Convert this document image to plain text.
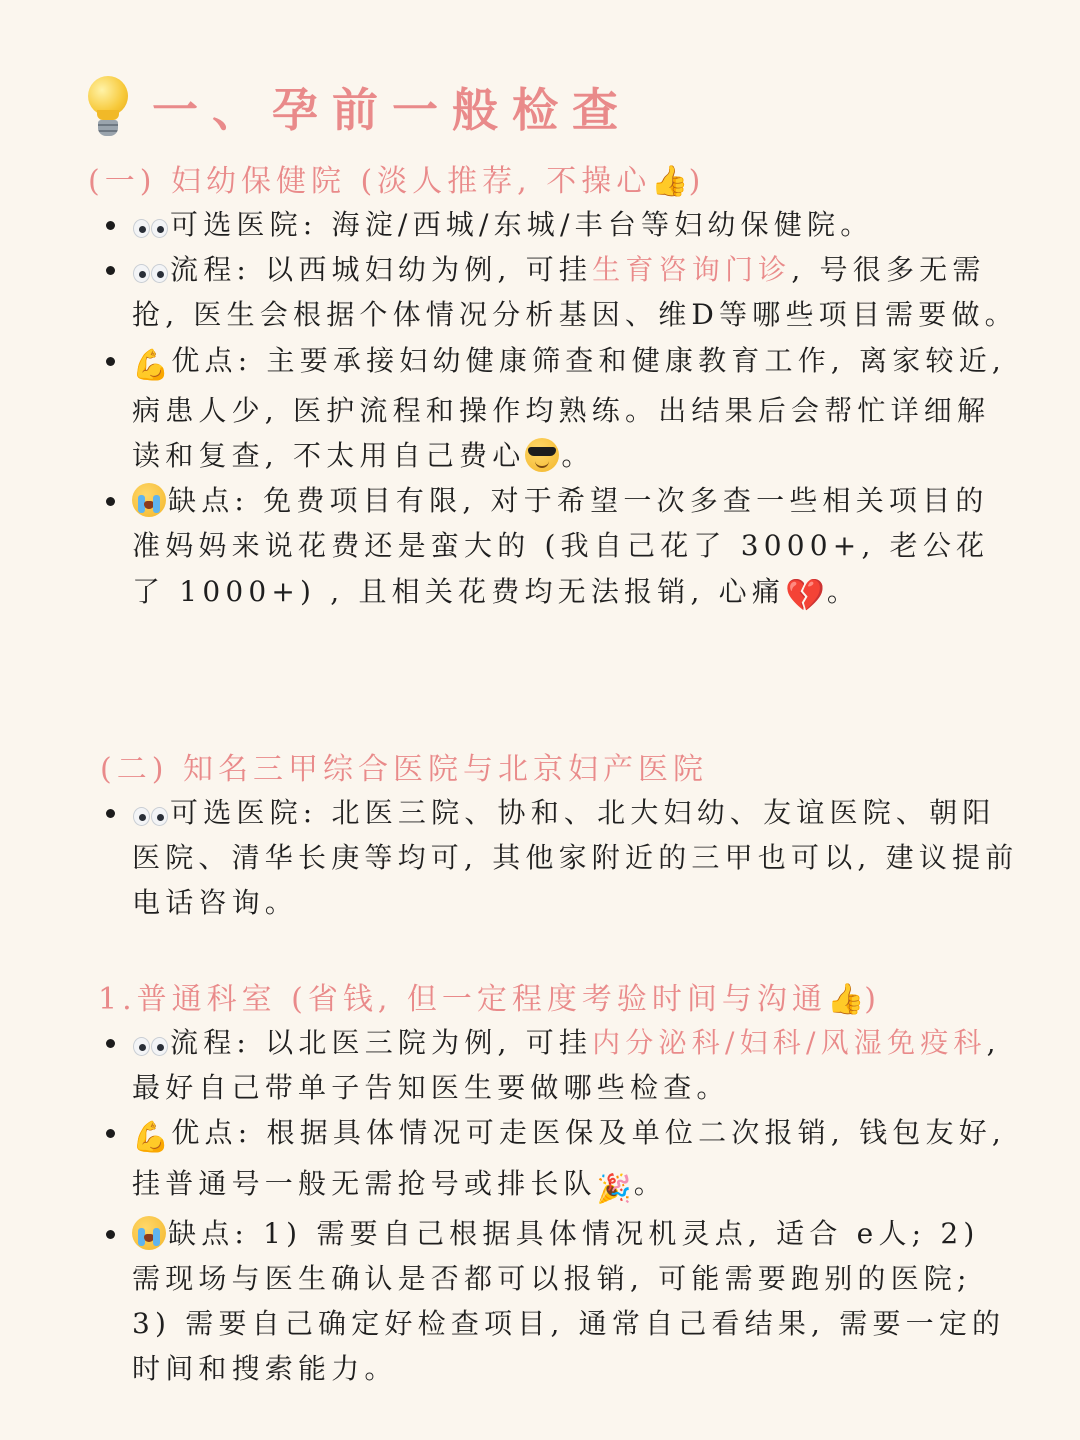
一、孕前一般检查
(一) 妇幼保健院 (淡人推荐, 不操心👍)
可选医院: 海淀/西城/东城/丰台等妇幼保健院。
流程: 以西城妇幼为例, 可挂生育咨询门诊, 号很多无需抢, 医生会根据个体情况分析基因、维D等哪些项目需要做。
💪优点: 主要承接妇幼健康筛查和健康教育工作, 离家较近, 病患人少, 医护流程和操作均熟练。出结果后会帮忙详细解读和复查, 不太用自己费心 。
缺点: 免费项目有限, 对于希望一次多查一些相关项目的准妈妈来说花费还是蛮大的 (我自己花了 3000+, 老公花了 1000+) , 且相关花费均无法报销, 心痛💔。
(二) 知名三甲综合医院与北京妇产医院
可选医院: 北医三院、协和、北大妇幼、友谊医院、朝阳医院、清华长庚等均可, 其他家附近的三甲也可以, 建议提前电话咨询。
1.普通科室 (省钱, 但一定程度考验时间与沟通👍)
流程: 以北医三院为例, 可挂内分泌科/妇科/风湿免疫科, 最好自己带单子告知医生要做哪些检查。
💪优点: 根据具体情况可走医保及单位二次报销, 钱包友好, 挂普通号一般无需抢号或排长队🎉。
缺点: 1) 需要自己根据具体情况机灵点, 适合 e人; 2) 需现场与医生确认是否都可以报销, 可能需要跑别的医院; 3) 需要自己确定好检查项目, 通常自己看结果, 需要一定的时间和搜索能力。
